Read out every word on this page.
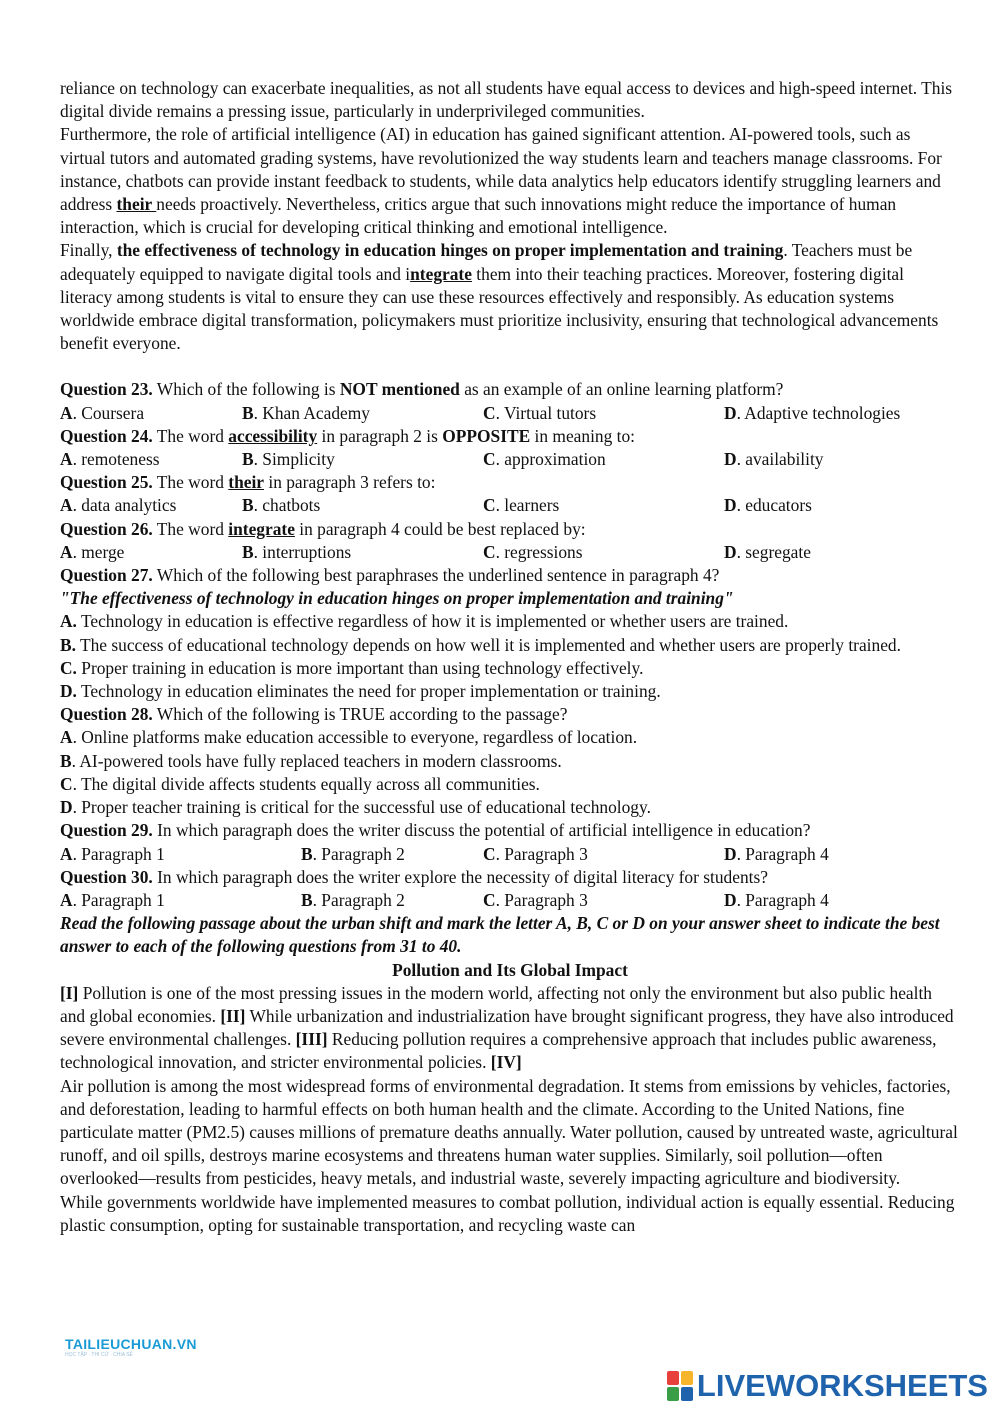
reliance on technology can exacerbate inequalities, as not all students have equal access to devices and high-speed internet. This digital divide remains a pressing issue, particularly in underprivileged communities.

Furthermore, the role of artificial intelligence (AI) in education has gained significant attention. AI-powered tools, such as virtual tutors and automated grading systems, have revolutionized the way students learn and teachers manage classrooms. For instance, chatbots can provide instant feedback to students, while data analytics help educators identify struggling learners and address their needs proactively. Nevertheless, critics argue that such innovations might reduce the importance of human interaction, which is crucial for developing critical thinking and emotional intelligence.

Finally, the effectiveness of technology in education hinges on proper implementation and training. Teachers must be adequately equipped to navigate digital tools and integrate them into their teaching practices. Moreover, fostering digital literacy among students is vital to ensure they can use these resources effectively and responsibly. As education systems worldwide embrace digital transformation, policymakers must prioritize inclusivity, ensuring that technological advancements benefit everyone.

Question 23. Which of the following is NOT mentioned as an example of an online learning platform?

A. Coursera	B. Khan Academy	C. Virtual tutors	D. Adaptive technologies

Question 24. The word accessibility in paragraph 2 is OPPOSITE in meaning to:

A. remoteness	B. Simplicity	C. approximation	D. availability

Question 25. The word their in paragraph 3 refers to:

A. data analytics	B. chatbots	C. learners	D. educators

Question 26. The word integrate in paragraph 4 could be best replaced by:

A. merge	B. interruptions	C. regressions	D. segregate

Question 27. Which of the following best paraphrases the underlined sentence in paragraph 4?

"The effectiveness of technology in education hinges on proper implementation and training"

A. Technology in education is effective regardless of how it is implemented or whether users are trained.

B. The success of educational technology depends on how well it is implemented and whether users are properly trained.

C. Proper training in education is more important than using technology effectively.

D. Technology in education eliminates the need for proper implementation or training.

Question 28. Which of the following is TRUE according to the passage?

A. Online platforms make education accessible to everyone, regardless of location.

B. AI-powered tools have fully replaced teachers in modern classrooms.

C. The digital divide affects students equally across all communities.

D. Proper teacher training is critical for the successful use of educational technology.

Question 29. In which paragraph does the writer discuss the potential of artificial intelligence in education?

A. Paragraph 1	B. Paragraph 2	C. Paragraph 3	D. Paragraph 4

Question 30. In which paragraph does the writer explore the necessity of digital literacy for students?

A. Paragraph 1	B. Paragraph 2	C. Paragraph 3	D. Paragraph 4

Read the following passage about the urban shift and mark the letter A, B, C or D on your answer sheet to indicate the best answer to each of the following questions from 31 to 40.

Pollution and Its Global Impact

[I] Pollution is one of the most pressing issues in the modern world, affecting not only the environment but also public health and global economies. [II] While urbanization and industrialization have brought significant progress, they have also introduced severe environmental challenges. [III] Reducing pollution requires a comprehensive approach that includes public awareness, technological innovation, and stricter environmental policies. [IV]

Air pollution is among the most widespread forms of environmental degradation. It stems from emissions by vehicles, factories, and deforestation, leading to harmful effects on both human health and the climate. According to the United Nations, fine particulate matter (PM2.5) causes millions of premature deaths annually. Water pollution, caused by untreated waste, agricultural runoff, and oil spills, destroys marine ecosystems and threatens human water supplies. Similarly, soil pollution—often overlooked—results from pesticides, heavy metals, and industrial waste, severely impacting agriculture and biodiversity.

While governments worldwide have implemented measures to combat pollution, individual action is equally essential. Reducing plastic consumption, opting for sustainable transportation, and recycling waste can

TAILIEUCHUAN.VN
HỌC TẬP · THI CỬ · CHIA SẺ
LIVEWORKSHEETS
